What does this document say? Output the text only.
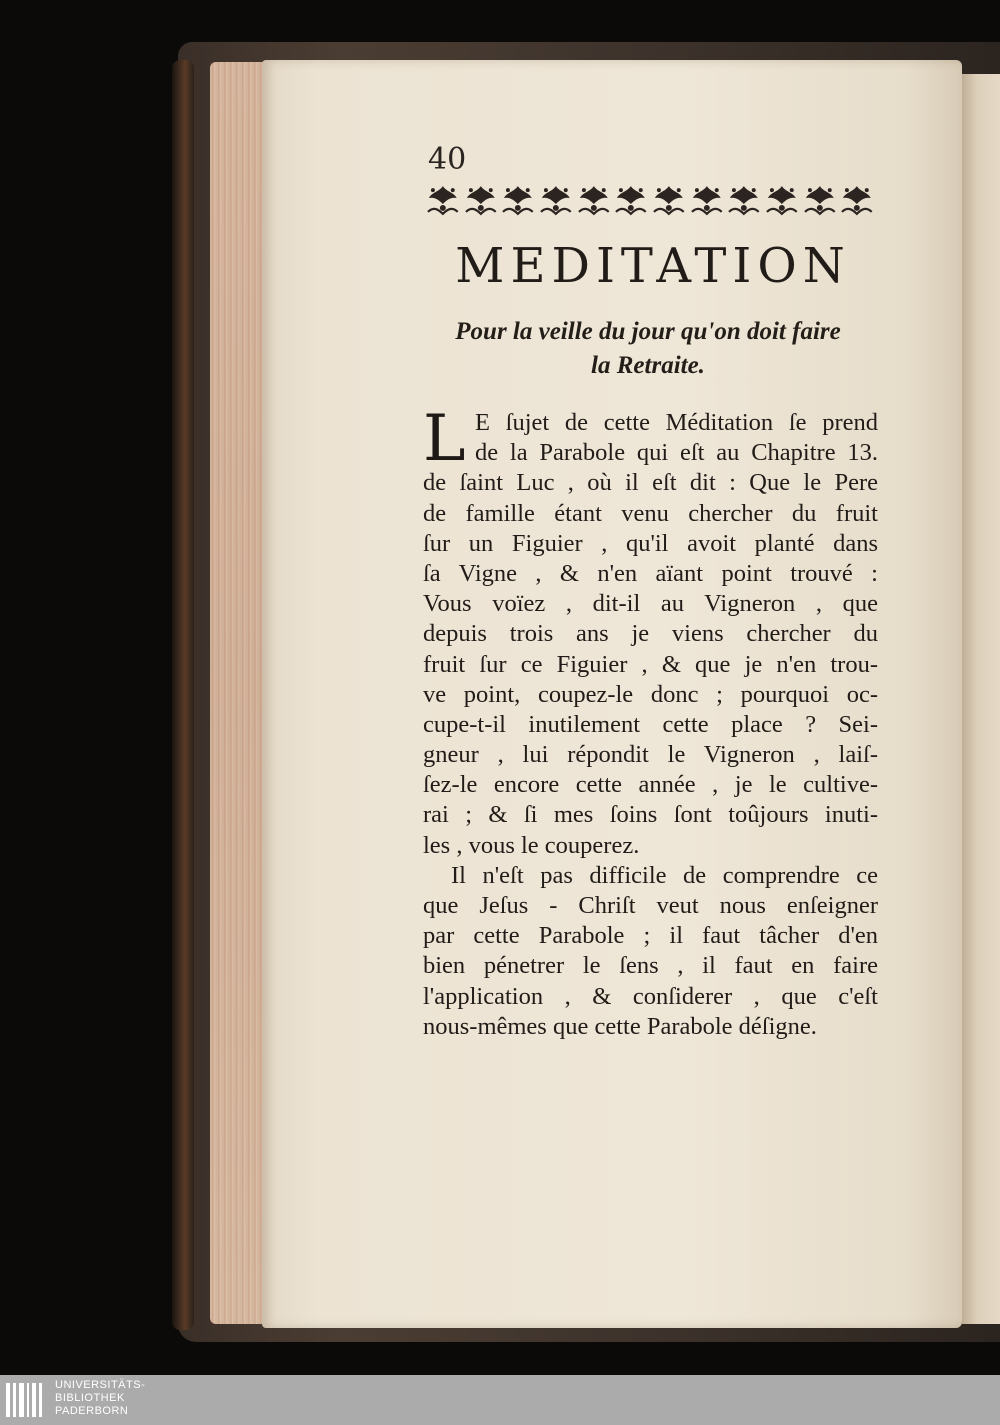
40
MEDITATION
Pour la veille du jour qu'on doit faire
la Retraite.
L E ſujet de cette Méditation ſe prend
de la Parabole qui eſt au Chapitre 13.
de ſaint Luc , où il eſt dit : Que le Pere
de famille étant venu chercher du fruit
ſur un Figuier , qu'il avoit planté dans
ſa Vigne , & n'en aïant point trouvé :
Vous voïez , dit-il au Vigneron , que
depuis trois ans je viens chercher du
fruit ſur ce Figuier , & que je n'en trou-
ve point, coupez-le donc ; pourquoi oc-
cupe-t-il inutilement cette place ? Sei-
gneur , lui répondit le Vigneron , laiſ-
ſez-le encore cette année , je le cultive-
rai ; & ſi mes ſoins ſont toûjours inuti-
les , vous le couperez.
Il n'eſt pas difficile de comprendre ce
que Jeſus - Chriſt veut nous enſeigner
par cette Parabole ; il faut tâcher d'en
bien pénetrer le ſens , il faut en faire
l'application , & conſiderer , que c'eſt
nous-mêmes que cette Parabole déſigne.
UNIVERSITÄTS-
BIBLIOTHEK
PADERBORN
